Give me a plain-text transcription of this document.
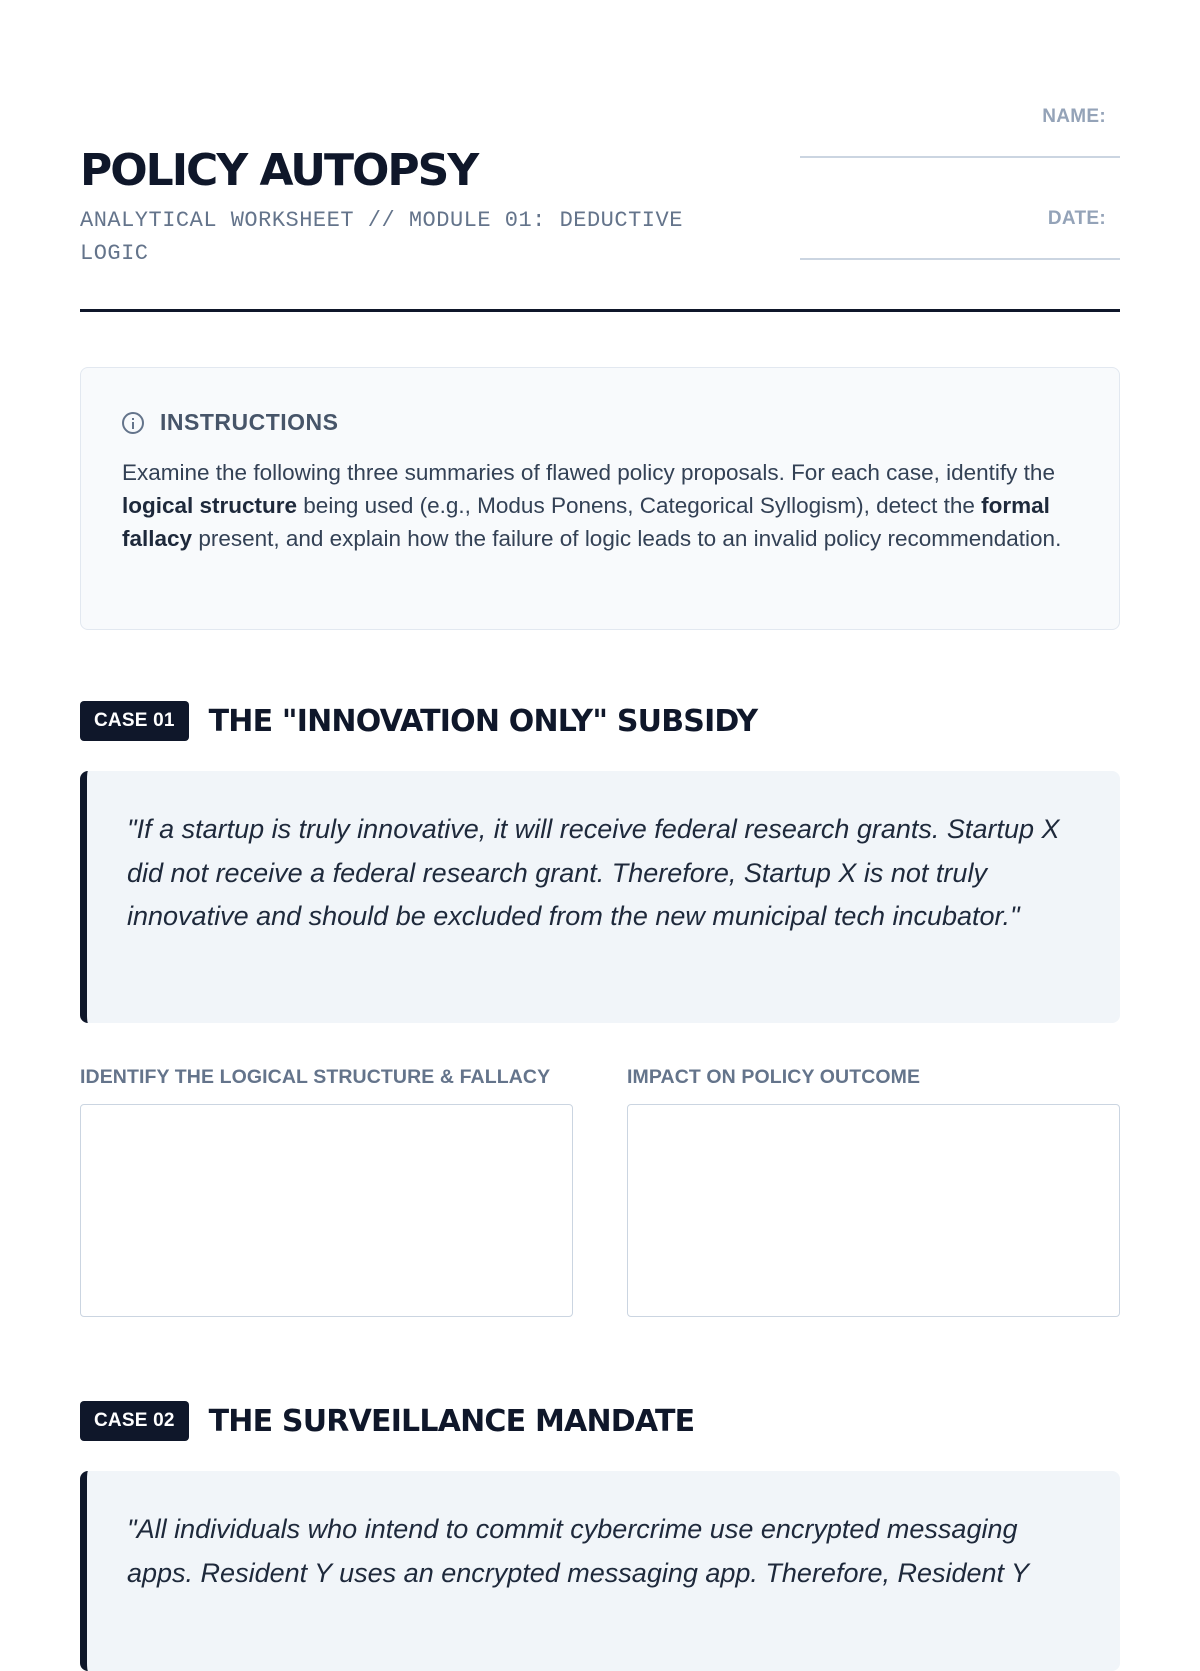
POLICY AUTOPSY
ANALYTICAL WORKSHEET // MODULE 01: DEDUCTIVE LOGIC
NAME:
DATE:
INSTRUCTIONS

Examine the following three summaries of flawed policy proposals. For each case, identify the logical structure being used (e.g., Modus Ponens, Categorical Syllogism), detect the formal fallacy present, and explain how the failure of logic leads to an invalid policy recommendation.

CASE 01	THE "INNOVATION ONLY" SUBSIDY
"If a startup is truly innovative, it will receive federal research grants. Startup X did not receive a federal research grant. Therefore, Startup X is not truly innovative and should be excluded from the new municipal tech incubator."
IDENTIFY THE LOGICAL STRUCTURE & FALLACY	IMPACT ON POLICY OUTCOME
CASE 02	THE SURVEILLANCE MANDATE
"All individuals who intend to commit cybercrime use encrypted messaging apps. Resident Y uses an encrypted messaging app. Therefore, Resident Y
